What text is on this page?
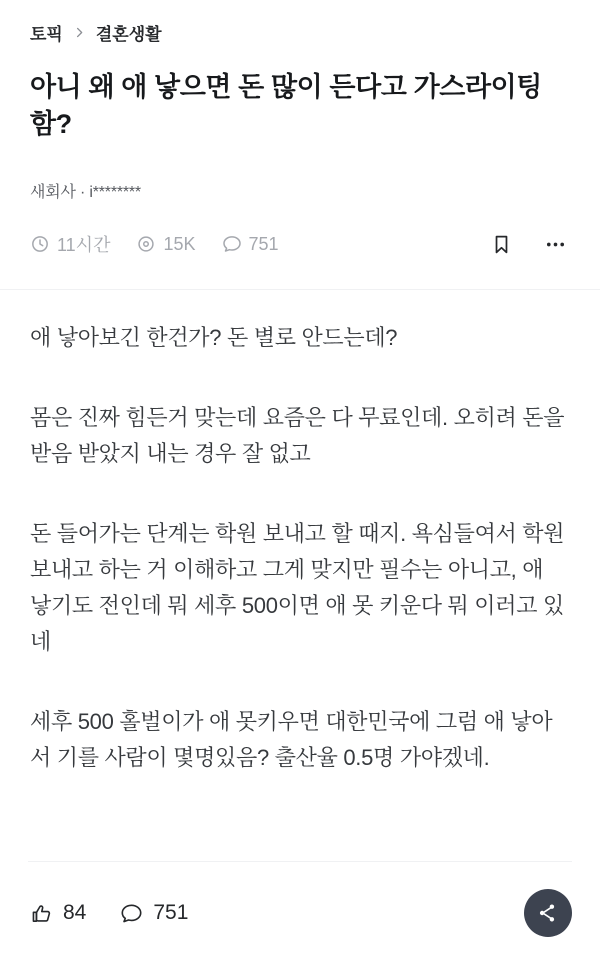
토픽 결혼생활
아니 왜 애 낳으면 돈 많이 든다고 가스라이팅함?
새회사 · i********
11시간	15K	751

애 낳아보긴 한건가? 돈 별로 안드는데?

몸은 진짜 힘든거 맞는데 요즘은 다 무료인데. 오히려 돈을 받음 받았지 내는 경우 잘 없고

돈 들어가는 단계는 학원 보내고 할 때지. 욕심들여서 학원 보내고 하는 거 이해하고 그게 맞지만 필수는 아니고, 애 낳기도 전인데 뭐 세후 500이면 애 못 키운다 뭐 이러고 있네

세후 500 홀벌이가 애 못키우면 대한민국에 그럼 애 낳아서 기를 사람이 몇명있음? 출산율 0.5명 가야겠네.

84	751
